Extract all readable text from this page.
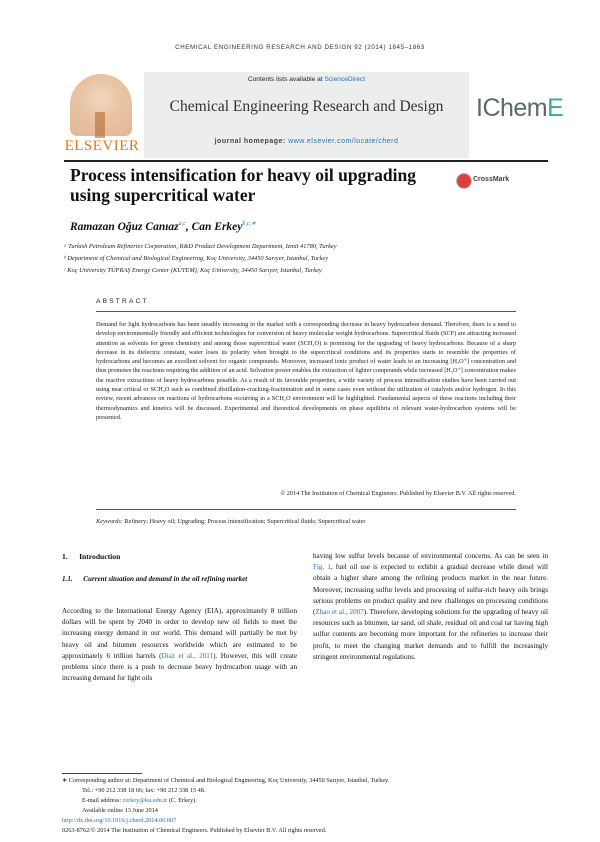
CHEMICAL ENGINEERING RESEARCH AND DESIGN 92 (2014) 1845–1863
ELSEVIER
Contents lists available at ScienceDirect
Chemical Engineering Research and Design
journal homepage: www.elsevier.com/locate/cherd
IChemE
Process intensification for heavy oil upgrading using supercritical water
CrossMark
Ramazan Oğuz Canıaz$^{a,c}$, Can Erkey$^{b,c,∗}$
ᵃ Turkish Petroleum Refineries Corporation, R&D Product Development Department, Izmit 41780, Turkey
ᵇ Department of Chemical and Biological Engineering, Koç University, 34450 Sarıyer, Istanbul, Turkey
ᶜ Koç University TÜPRAŞ Energy Center (KÜTEM), Koç University, 34450 Sarıyer, Istanbul, Turkey
ABSTRACT
Demand for light hydrocarbons has been steadily increasing in the market with a corresponding decrease in heavy hydrocarbon demand. Therefore, there is a need to develop environmentally friendly and efficient technologies for conversion of heavy molecular weight hydrocarbons. Supercritical fluids (SCF) are attracting increased attention as solvents for green chemistry and among those supercritical water (SCH₂O) is promising for the upgrading of heavy hydrocarbons. Because of a sharp decrease in its dielectric constant, water loses its polarity when brought to the supercritical conditions and its properties starts to resemble the properties of hydrocarbons and becomes an excellent solvent for organic compounds. Moreover, increased ionic product of water leads to an increasing [H₃O⁺] concentration and thus promotes the reactions requiring the addition of an acid. Solvation power enables the extraction of lighter compounds while increased [H₃O⁺] concentration makes the reactive extractions of heavy hydrocarbons possible. As a result of its favorable properties, a wide variety of process intensification studies have been carried out using near critical or SCH₂O such as combined distillation-cracking-fractionation and in some cases even without the utilization of catalysts and/or hydrogen. In this review, recent advances on reactions of hydrocarbons occurring in a SCH₂O environment will be highlighted. Fundamental aspects of these reactions including their thermodynamics and kinetics will be discussed. Experimental and theoretical developments on phase equilibria of relevant water-hydrocarbon systems will be presented.
© 2014 The Institution of Chemical Engineers. Published by Elsevier B.V. All rights reserved.
Keywords: Refinery; Heavy oil; Upgrading; Process intensification; Supercritical fluids; Supercritical water
1. Introduction
1.1. Current situation and demand in the oil refining market
According to the International Energy Agency (EIA), approximately 8 trillion dollars will be spent by 2040 in order to develop new oil fields to meet the increasing energy demand in our world. This demand will partially be met by heavy oil and bitumen resources worldwide which are estimated to be approximately 6 trillion barrels (Diaz et al., 2011). However, this will create problems since there is a push to decrease heavy hydrocarbon usage with an increasing demand for light oils
having low sulfur levels because of environmental concerns. As can be seen in Fig. 1, fuel oil use is expected to exhibit a gradual decrease while diesel will obtain a higher share among the refining products market in the near future. Moreover, increasing sulfur levels and processing of sulfur-rich heavy oils brings serious problems on product quality and new challenges on processing conditions (Zhao et al., 2007). Therefore, developing solutions for the upgrading of heavy oil resources such as bitumen, tar sand, oil shale, residual oil and coal tar having high sulfur contents are becoming more important for the refineries to increase their profit, to meet the changing market demands and to fulfill the increasingly stringent environmental regulations.
∗ Corresponding author at: Department of Chemical and Biological Engineering, Koç University, 34450 Sarıyer, Istanbul, Turkey.
Tel.: +90 212 338 18 66; fax: +90 212 338 15 48.
E-mail address: cerkey@ku.edu.tr (C. Erkey).
Available online 13 June 2014
http://dx.doi.org/10.1016/j.cherd.2014.06.007
0263-8762/© 2014 The Institution of Chemical Engineers. Published by Elsevier B.V. All rights reserved.
